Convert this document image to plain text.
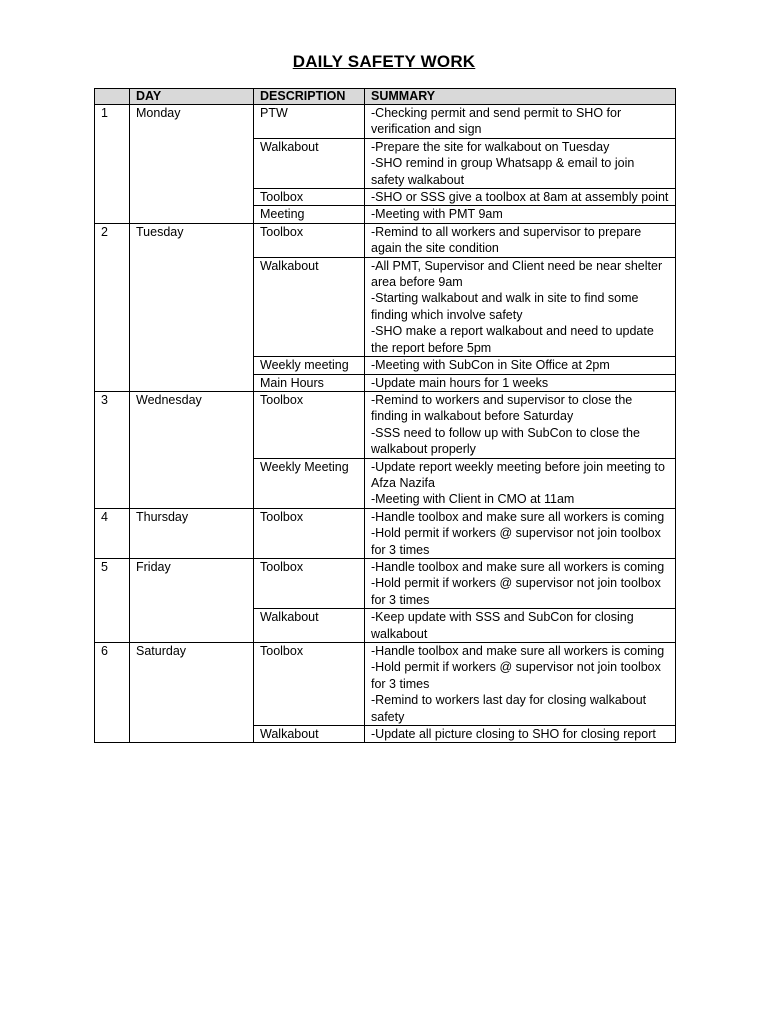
DAILY SAFETY WORK
	DAY	DESCRIPTION	SUMMARY
1	Monday	PTW	-Checking permit and send permit to SHO for verification and sign

		Walkabout	-Prepare the site for walkabout on Tuesday
-SHO remind in group Whatsapp & email to join safety walkabout

		Toolbox	-SHO or SSS give a toolbox at 8am at assembly point

		Meeting	-Meeting with PMT 9am

2	Tuesday	Toolbox	-Remind to all workers and supervisor to prepare again the site condition

		Walkabout	-All PMT, Supervisor and Client need be near shelter area before 9am
-Starting walkabout and walk in site to find some finding which involve safety
-SHO make a report walkabout and need to update the report before 5pm

		Weekly meeting	-Meeting with SubCon in Site Office at 2pm

		Main Hours	-Update main hours for 1 weeks

3	Wednesday	Toolbox	-Remind to workers and supervisor to close the finding in walkabout before Saturday
-SSS need to follow up with SubCon to close the walkabout properly

		Weekly Meeting	-Update report weekly meeting before join meeting to Afza Nazifa
-Meeting with Client in CMO at 11am

4	Thursday	Toolbox	-Handle toolbox and make sure all workers is coming
-Hold permit if workers @ supervisor not join toolbox for 3 times

5	Friday	Toolbox	-Handle toolbox and make sure all workers is coming
-Hold permit if workers @ supervisor not join toolbox for 3 times

		Walkabout	-Keep update with SSS and SubCon for closing walkabout

6	Saturday	Toolbox	-Handle toolbox and make sure all workers is coming
-Hold permit if workers @ supervisor not join toolbox for 3 times
-Remind to workers last day for closing walkabout safety

		Walkabout	-Update all picture closing to SHO for closing report
